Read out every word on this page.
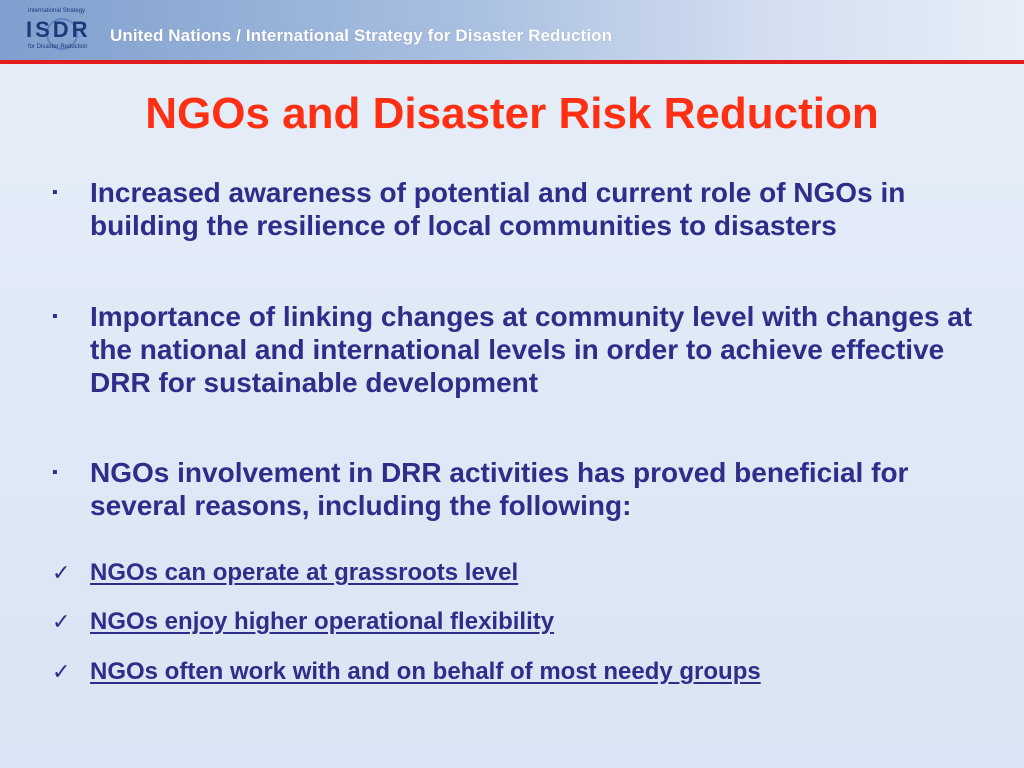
International Strategy
ISDR
for Disaster Reduction
United Nations / International Strategy for Disaster Reduction
NGOs and Disaster Risk Reduction
▪ Increased awareness of potential and current role of NGOs in building the resilience of local communities to disasters
▪ Importance of linking changes at community level with changes at the national and international levels in order to achieve effective DRR for sustainable development
▪ NGOs involvement in DRR activities has proved beneficial for several reasons, including the following:
✓ NGOs can operate at grassroots level
✓ NGOs enjoy higher operational flexibility
✓ NGOs often work with and on behalf of most needy groups
